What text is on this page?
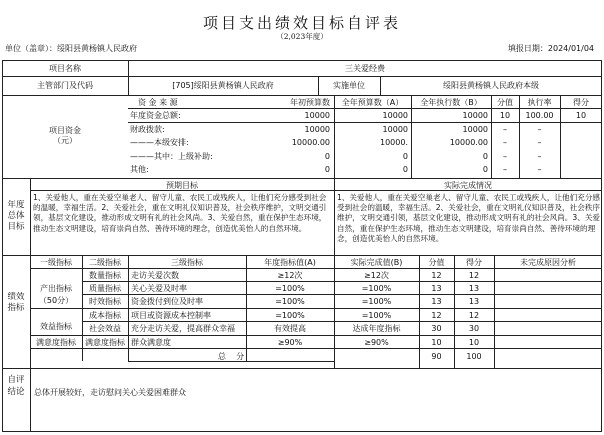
项目支出绩效目标自评表
（2,023年度）
单位（盖章）：绥阳县黄杨镇人民政府	填报日期：2024/01/04
项目名称	三关爱经费
主管部门及代码	[705]绥阳县黄杨镇人民政府	实施单位	绥阳县黄杨镇人民政府本级
项目资金
（元）
资 金 来 源	年初预算数	全年预算数（A）	全年执行数（B）	分值	执行率	得分
年度资金总额:	10000	10000	10000	10	100.00	10
财政拨款:	10000	10000	10000	–	–
———本级安排:	10000.00	10000.	10000.00	–	–
———其中：上级补助:	0	0	0	–	–
其他:	0	0	0	–	–
年度总体目标
预期目标	实际完成情况
1、关爱他人，重在关爱空巢老人、留守儿童、农民工或残疾人，让他们充分感受到社会的温暖，幸福生活。2、关爱社会，重在文明礼仪知识普及，社会秩序维护，文明交通引领，基层文化建设，推动形成文明有礼的社会风尚。3、关爱自然，重在保护生态环境，推动生态文明建设，培育崇尚自然、善待环境的理念，创造优美怡人的自然环境。
1、关爱他人，重在关爱空巢老人、留守儿童、农民工或残疾人，让他们充分感受到社会的温暖，幸福生活。2、关爱社会，重在文明礼仪知识普及，社会秩序维护，文明交通引领，基层文化建设，推动形成文明有礼的社会风尚。3、关爱自然，重在保护生态环境，推动生态文明建设，培育崇尚自然、善待环境的理念，创造优美怡人的自然环境。
绩效指标
一级指标	二级指标	三级指标	年度指标值(A)	实际完成值(B)	分值	得分	未完成原因分析
产出指标
（50分）
效益指标
满意度指标
数量指标	走访关爱次数	≥12次	≥12次	12	12
质量指标	关心关爱及时率	=100%	=100%	13	13
时效指标	资金拨付到位及时率	=100%	=100%	13	13
成本指标	项目或资源成本控制率	=100%	=100%	12	12
社会效益	充分走访关爱，提高群众幸福	有效提高	达成年度指标	30	30
满意度指标 群众满意度	≥90%	≥90%	10	10
总    分	90	100
自评结论 总体开展较好，走访慰问关心关爱困难群众
